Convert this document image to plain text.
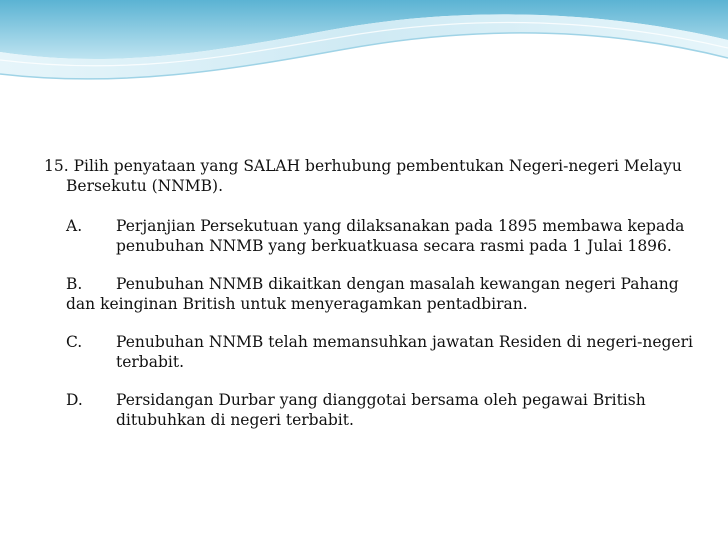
15. Pilih penyataan yang SALAH berhubung pembentukan Negeri-negeri Melayu Bersekutu (NNMB).

A. Perjanjian Persekutuan yang dilaksanakan pada 1895 membawa kepada penubuhan NNMB yang berkuatkuasa secara rasmi pada 1 Julai 1896.
B. Penubuhan NNMB dikaitkan dengan masalah kewangan negeri Pahang dan keinginan British untuk menyeragamkan pentadbiran.
C. Penubuhan NNMB telah memansuhkan jawatan Residen di negeri-negeri terbabit.
D. Persidangan Durbar yang dianggotai bersama oleh pegawai British ditubuhkan di negeri terbabit.
